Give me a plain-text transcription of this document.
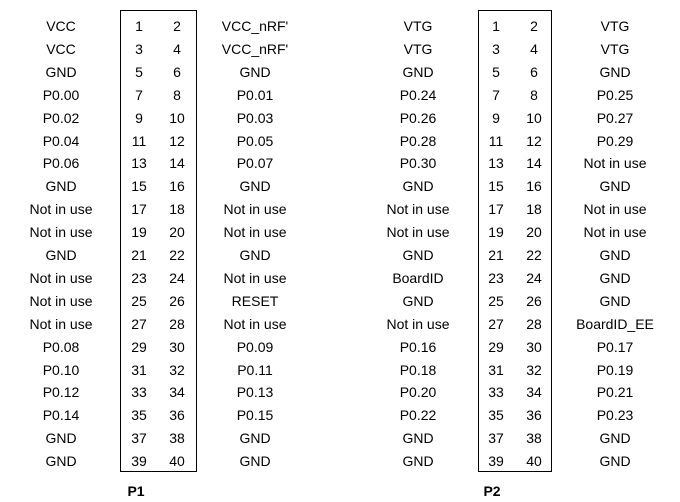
VCC	1	2	VCC_nRF'
VCC	3	4	VCC_nRF'
GND	5	6	GND
P0.00	7	8	P0.01
P0.02	9	10	P0.03
P0.04	11	12	P0.05
P0.06	13	14	P0.07
GND	15	16	GND
Not in use	17	18	Not in use
Not in use	19	20	Not in use
GND	21	22	GND
Not in use	23	24	Not in use
Not in use	25	26	RESET
Not in use	27	28	Not in use
P0.08	29	30	P0.09
P0.10	31	32	P0.11
P0.12	33	34	P0.13
P0.14	35	36	P0.15
GND	37	38	GND
GND	39	40	GND
P1
VTG	1	2	VTG
VTG	3	4	VTG
GND	5	6	GND
P0.24	7	8	P0.25
P0.26	9	10	P0.27
P0.28	11	12	P0.29
P0.30	13	14	Not in use
GND	15	16	GND
Not in use	17	18	Not in use
Not in use	19	20	Not in use
GND	21	22	GND
BoardID	23	24	GND
GND	25	26	GND
Not in use	27	28	BoardID_EE
P0.16	29	30	P0.17
P0.18	31	32	P0.19
P0.20	33	34	P0.21
P0.22	35	36	P0.23
GND	37	38	GND
GND	39	40	GND
P2
